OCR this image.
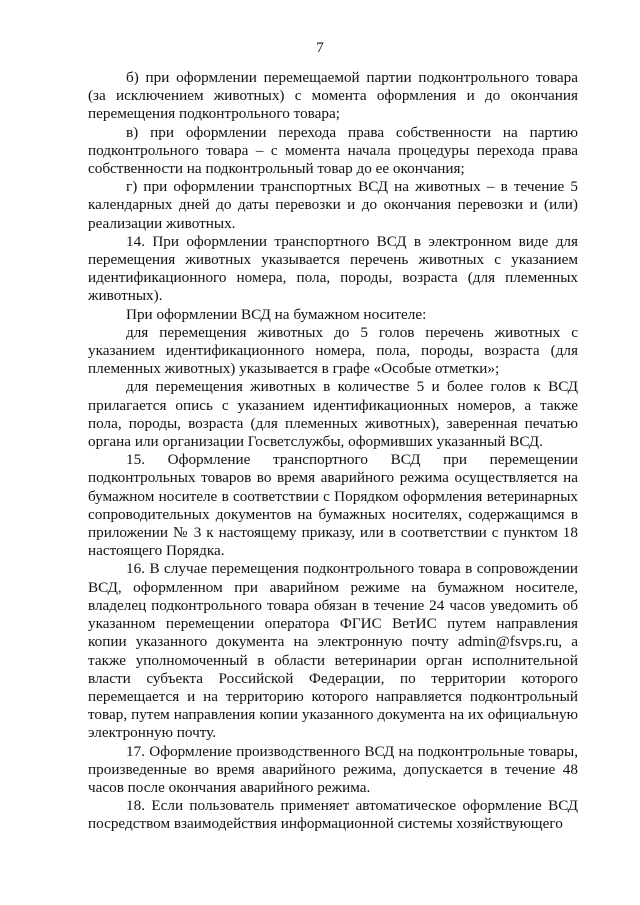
7

б) при оформлении перемещаемой партии подконтрольного товара (за исключением животных) с момента оформления и до окончания перемещения подконтрольного товара;

в) при оформлении перехода права собственности на партию подконтрольного товара – с момента начала процедуры перехода права собственности на подконтрольный товар до ее окончания;

г) при оформлении транспортных ВСД на животных – в течение 5 календарных дней до даты перевозки и до окончания перевозки и (или) реализации животных.

14. При оформлении транспортного ВСД в электронном виде для перемещения животных указывается перечень животных с указанием идентификационного номера, пола, породы, возраста (для племенных животных).

При оформлении ВСД на бумажном носителе:

для перемещения животных до 5 голов перечень животных с указанием идентификационного номера, пола, породы, возраста (для племенных животных) указывается в графе «Особые отметки»;

для перемещения животных в количестве 5 и более голов к ВСД прилагается опись с указанием идентификационных номеров, а также пола, породы, возраста (для племенных животных), заверенная печатью органа или организации Госветслужбы, оформивших указанный ВСД.

15. Оформление транспортного ВСД при перемещении подконтрольных товаров во время аварийного режима осуществляется на бумажном носителе в соответствии с Порядком оформления ветеринарных сопроводительных документов на бумажных носителях, содержащимся в приложении № 3 к настоящему приказу, или в соответствии с пунктом 18 настоящего Порядка.

16. В случае перемещения подконтрольного товара в сопровождении ВСД, оформленном при аварийном режиме на бумажном носителе, владелец подконтрольного товара обязан в течение 24 часов уведомить об указанном перемещении оператора ФГИС ВетИС путем направления копии указанного документа на электронную почту admin@fsvps.ru, а также уполномоченный в области ветеринарии орган исполнительной власти субъекта Российской Федерации, по территории которого перемещается и на территорию которого направляется подконтрольный товар, путем направления копии указанного документа на их официальную электронную почту.

17. Оформление производственного ВСД на подконтрольные товары, произведенные во время аварийного режима, допускается в течение 48 часов после окончания аварийного режима.

18. Если пользователь применяет автоматическое оформление ВСД посредством взаимодействия информационной системы хозяйствующего
